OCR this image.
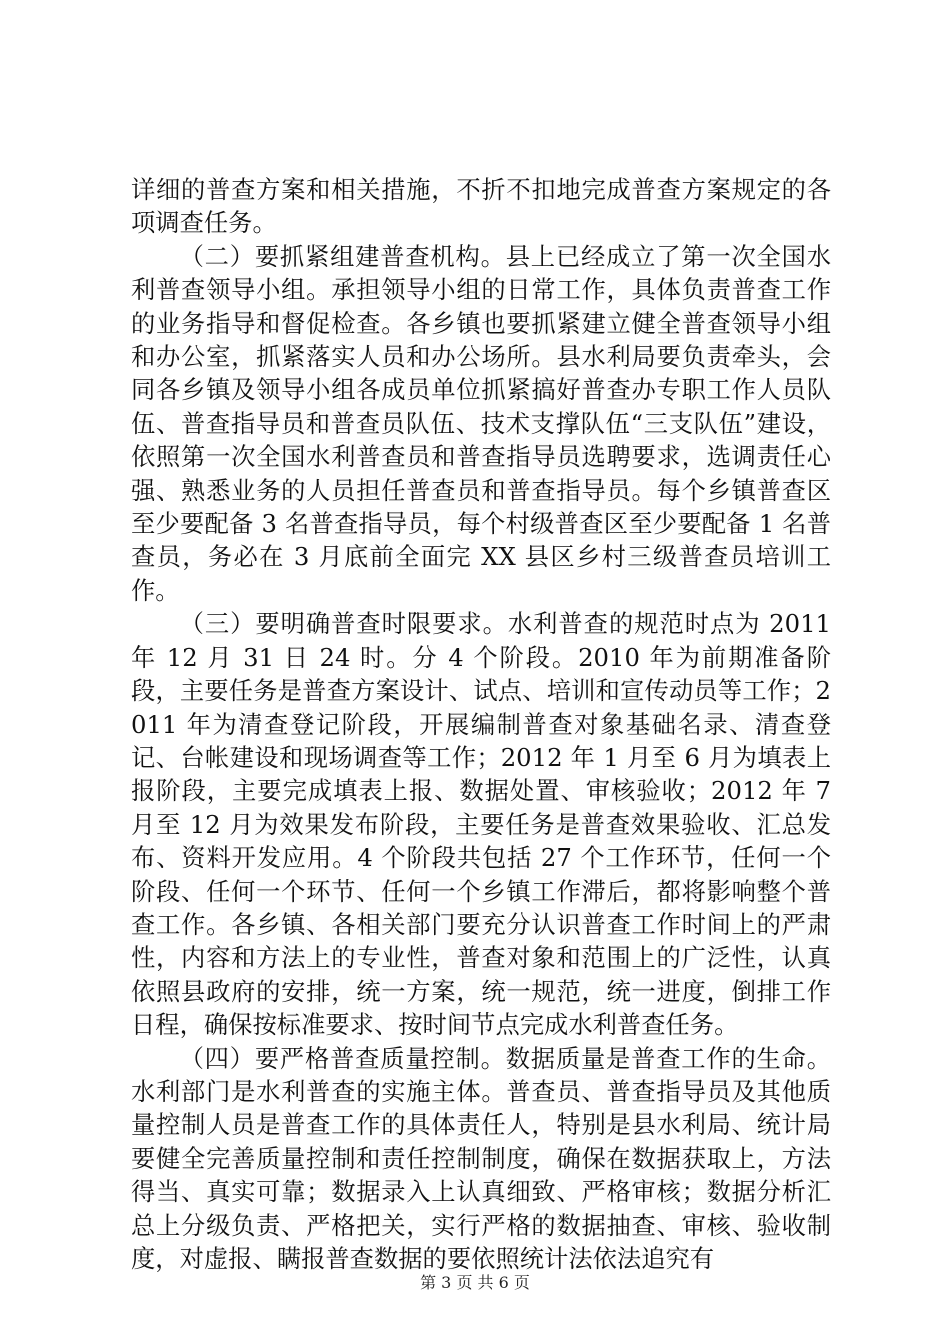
详细的普查方案和相关措施，不折不扣地完成普查方案规定的各项调查任务。

（二）要抓紧组建普查机构。县上已经成立了第一次全国水利普查领导小组。承担领导小组的日常工作，具体负责普查工作的业务指导和督促检查。各乡镇也要抓紧建立健全普查领导小组和办公室，抓紧落实人员和办公场所。县水利局要负责牵头，会同各乡镇及领导小组各成员单位抓紧搞好普查办专职工作人员队伍、普查指导员和普查员队伍、技术支撑队伍“三支队伍”建设，依照第一次全国水利普查员和普查指导员选聘要求，选调责任心强、熟悉业务的人员担任普查员和普查指导员。每个乡镇普查区至少要配备 3 名普查指导员，每个村级普查区至少要配备 1 名普查员，务必在 3 月底前全面完 XX 县区乡村三级普查员培训工作。

（三）要明确普查时限要求。水利普查的规范时点为 2011 年 12 月 31 日 24 时。分 4 个阶段。2010 年为前期准备阶段，主要任务是普查方案设计、试点、培训和宣传动员等工作；2011 年为清查登记阶段，开展编制普查对象基础名录、清查登记、台帐建设和现场调查等工作；2012 年 1 月至 6 月为填表上报阶段，主要完成填表上报、数据处置、审核验收；2012 年 7 月至 12 月为效果发布阶段，主要任务是普查效果验收、汇总发布、资料开发应用。4 个阶段共包括 27 个工作环节，任何一个阶段、任何一个环节、任何一个乡镇工作滞后，都将影响整个普查工作。各乡镇、各相关部门要充分认识普查工作时间上的严肃性，内容和方法上的专业性，普查对象和范围上的广泛性，认真依照县政府的安排，统一方案，统一规范，统一进度，倒排工作日程，确保按标准要求、按时间节点完成水利普查任务。

（四）要严格普查质量控制。数据质量是普查工作的生命。水利部门是水利普查的实施主体。普查员、普查指导员及其他质量控制人员是普查工作的具体责任人，特别是县水利局、统计局要健全完善质量控制和责任控制制度，确保在数据获取上，方法得当、真实可靠；数据录入上认真细致、严格审核；数据分析汇总上分级负责、严格把关，实行严格的数据抽查、审核、验收制度，对虚报、瞒报普查数据的要依照统计法依法追究有

第 3 页 共 6 页
